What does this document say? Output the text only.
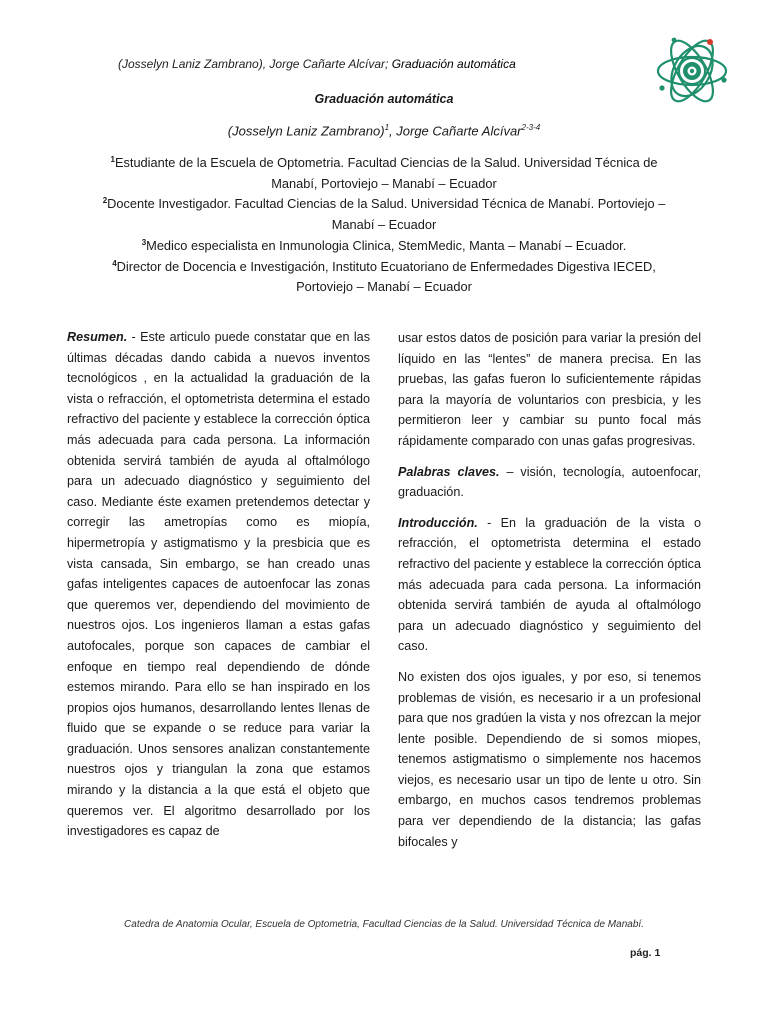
(Josselyn Laniz Zambrano), Jorge Cañarte Alcívar; Graduación automática
Graduación automática
(Josselyn Laniz Zambrano)$^1$, Jorge Cañarte Alcívar$^{2-3-4}$
$^1$Estudiante de la Escuela de Optometria. Facultad Ciencias de la Salud. Universidad Técnica de Manabí, Portoviejo – Manabí – Ecuador
$^2$Docente Investigador. Facultad Ciencias de la Salud. Universidad Técnica de Manabí. Portoviejo – Manabí – Ecuador
$^3$Medico especialista en Inmunologia Clinica, StemMedic, Manta – Manabí – Ecuador.
$^4$Director de Docencia e Investigación, Instituto Ecuatoriano de Enfermedades Digestiva IECED, Portoviejo – Manabí – Ecuador

Resumen. - Este articulo puede constatar que en las últimas décadas dando cabida a nuevos inventos tecnológicos , en la actualidad la graduación de la vista o refracción, el optometrista determina el estado refractivo del paciente y establece la corrección óptica más adecuada para cada persona. La información obtenida servirá también de ayuda al oftalmólogo para un adecuado diagnóstico y seguimiento del caso. Mediante éste examen pretendemos detectar y corregir las ametropías como es miopía, hipermetropía y astigmatismo y la presbicia que es vista cansada, Sin embargo, se han creado unas gafas inteligentes capaces de autoenfocar las zonas que queremos ver, dependiendo del movimiento de nuestros ojos. Los ingenieros llaman a estas gafas autofocales, porque son capaces de cambiar el enfoque en tiempo real dependiendo de dónde estemos mirando. Para ello se han inspirado en los propios ojos humanos, desarrollando lentes llenas de fluido que se expande o se reduce para variar la graduación. Unos sensores analizan constantemente nuestros ojos y triangulan la zona que estamos mirando y la distancia a la que está el objeto que queremos ver. El algoritmo desarrollado por los investigadores es capaz de

usar estos datos de posición para variar la presión del líquido en las “lentes” de manera precisa. En las pruebas, las gafas fueron lo suficientemente rápidas para la mayoría de voluntarios con presbicia, y les permitieron leer y cambiar su punto focal más rápidamente comparado con unas gafas progresivas.

Palabras claves. – visión, tecnología, autoenfocar, graduación.

Introducción. - En la graduación de la vista o refracción, el optometrista determina el estado refractivo del paciente y establece la corrección óptica más adecuada para cada persona. La información obtenida servirá también de ayuda al oftalmólogo para un adecuado diagnóstico y seguimiento del caso.

No existen dos ojos iguales, y por eso, si tenemos problemas de visión, es necesario ir a un profesional para que nos gradúen la vista y nos ofrezcan la mejor lente posible. Dependiendo de si somos miopes, tenemos astigmatismo o simplemente nos hacemos viejos, es necesario usar un tipo de lente u otro. Sin embargo, en muchos casos tendremos problemas para ver dependiendo de la distancia; las gafas bifocales y

Catedra de Anatomia Ocular, Escuela de Optometria, Facultad Ciencias de la Salud. Universidad Técnica de Manabí.
pág. 1
